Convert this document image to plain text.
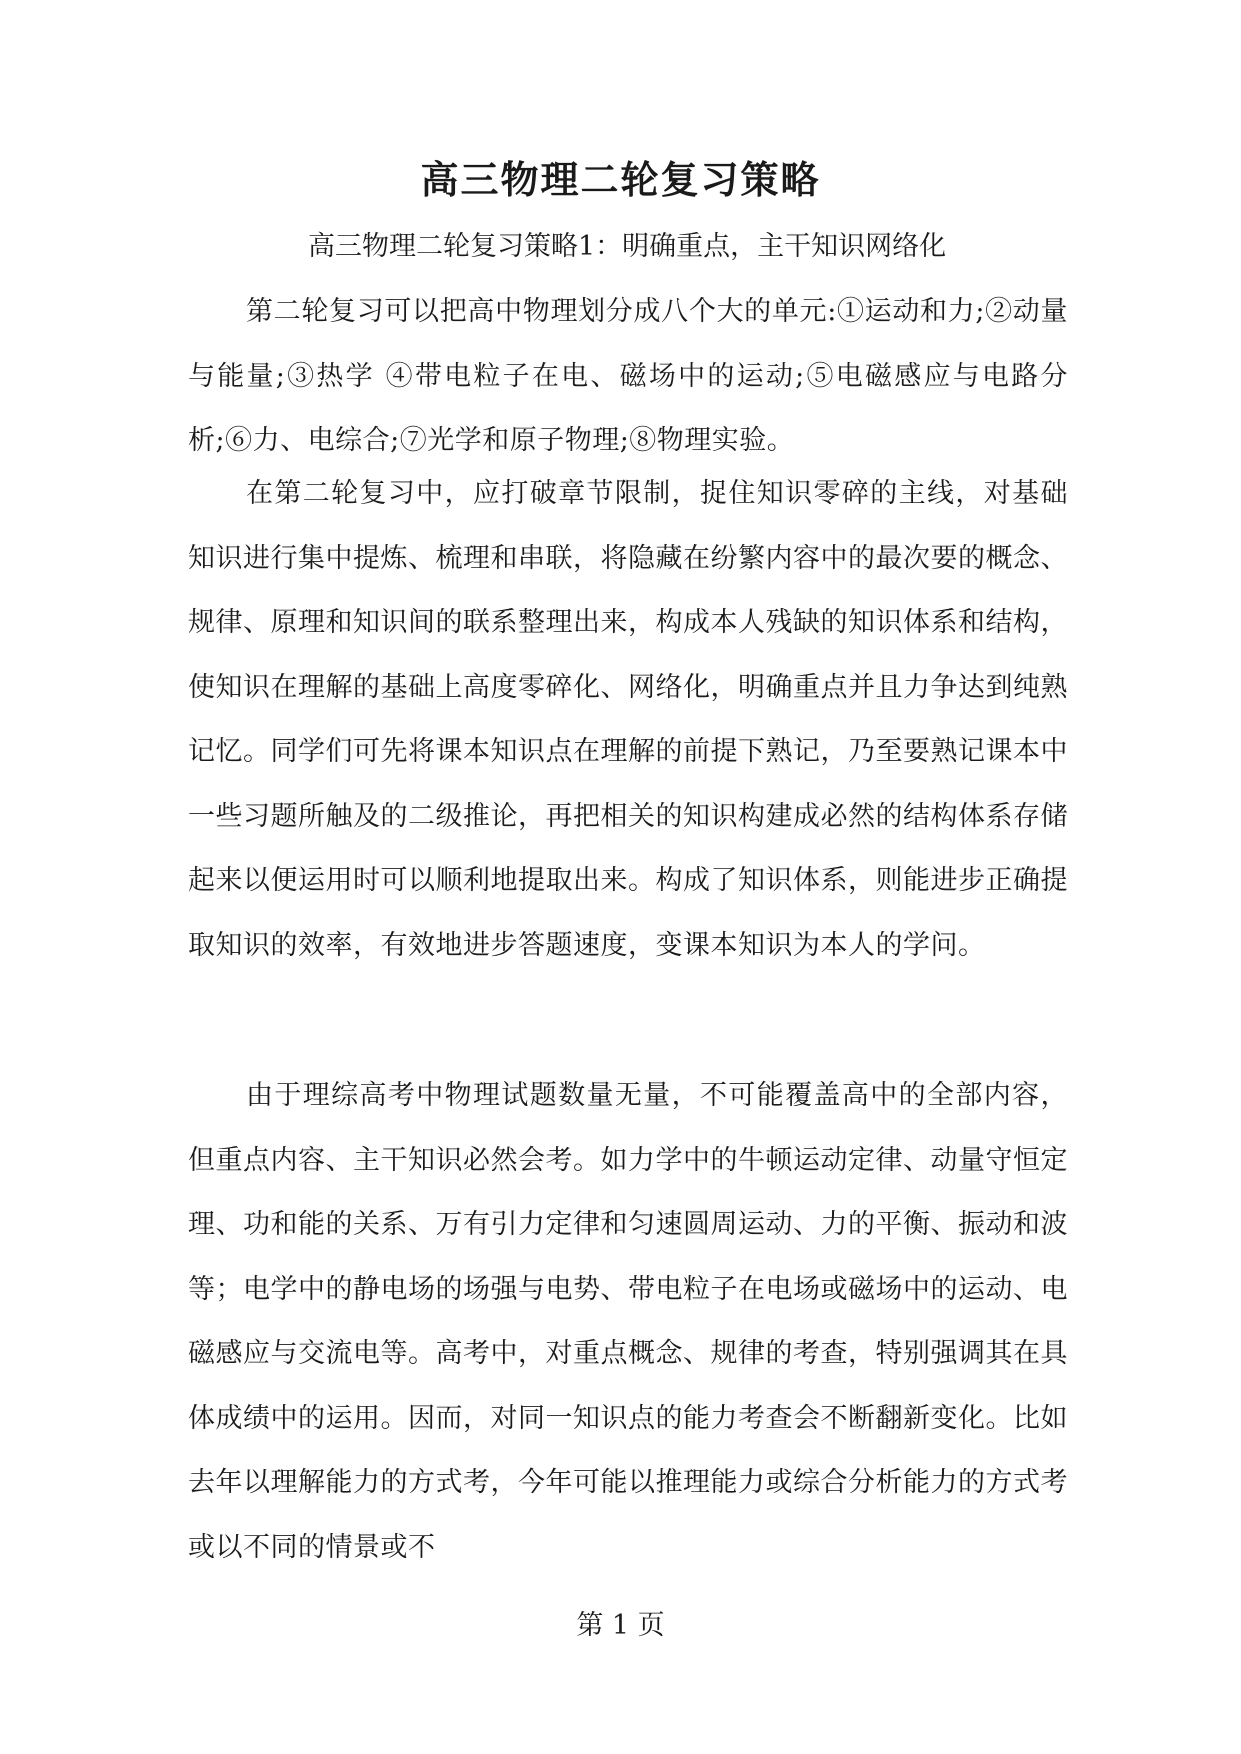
高三物理二轮复习策略
高三物理二轮复习策略1：明确重点，主干知识网络化

第二轮复习可以把高中物理划分成八个大的单元:①运动和力;②动量与能量;③热学 ④带电粒子在电、磁场中的运动;⑤电磁感应与电路分析;⑥力、电综合;⑦光学和原子物理;⑧物理实验。

在第二轮复习中，应打破章节限制，捉住知识零碎的主线，对基础知识进行集中提炼、梳理和串联，将隐藏在纷繁内容中的最次要的概念、规律、原理和知识间的联系整理出来，构成本人残缺的知识体系和结构，使知识在理解的基础上高度零碎化、网络化，明确重点并且力争达到纯熟记忆。同学们可先将课本知识点在理解的前提下熟记，乃至要熟记课本中一些习题所触及的二级推论，再把相关的知识构建成必然的结构体系存储起来以便运用时可以顺利地提取出来。构成了知识体系，则能进步正确提取知识的效率，有效地进步答题速度，变课本知识为本人的学问。

由于理综高考中物理试题数量无量，不可能覆盖高中的全部内容，但重点内容、主干知识必然会考。如力学中的牛顿运动定律、动量守恒定理、功和能的关系、万有引力定律和匀速圆周运动、力的平衡、振动和波等；电学中的静电场的场强与电势、带电粒子在电场或磁场中的运动、电磁感应与交流电等。高考中，对重点概念、规律的考查，特别强调其在具体成绩中的运用。因而，对同一知识点的能力考查会不断翻新变化。比如去年以理解能力的方式考，今年可能以推理能力或综合分析能力的方式考或以不同的情景或不

第 1 页
